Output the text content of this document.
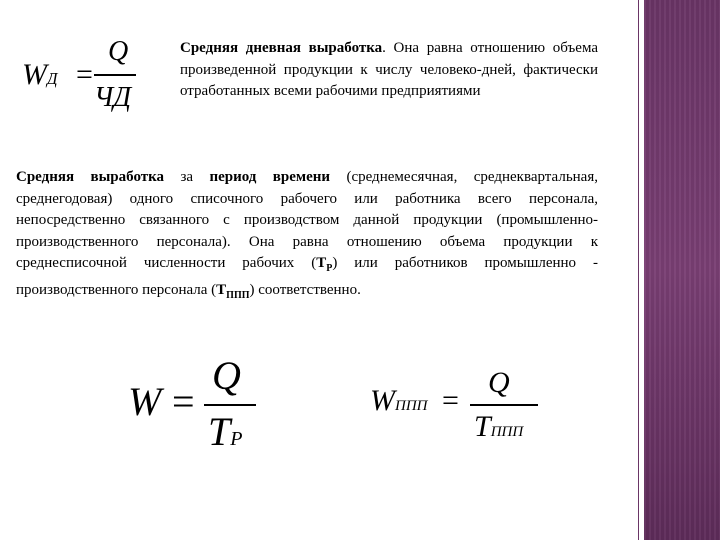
WД =
Q
ЧД
Средняя дневная выработка. Она равна отношению объема произведенной продукции к числу человеко-дней, фактически отработанных всеми рабочими предприятиями
Средняя выработка за период времени (среднемесячная, среднеквартальная, среднегодовая) одного списочного рабочего или работника всего персонала, непосредственно связанного с производством данной продукции (промышленно-производственного персонала). Она равна отношению объема продукции к среднесписочной численности рабочих $(Т_Р)$ или работников промышленно - производственного персонала $(Т_{ППП})$ соответственно.
W =
Q
TP
WППП =
Q
TППП
